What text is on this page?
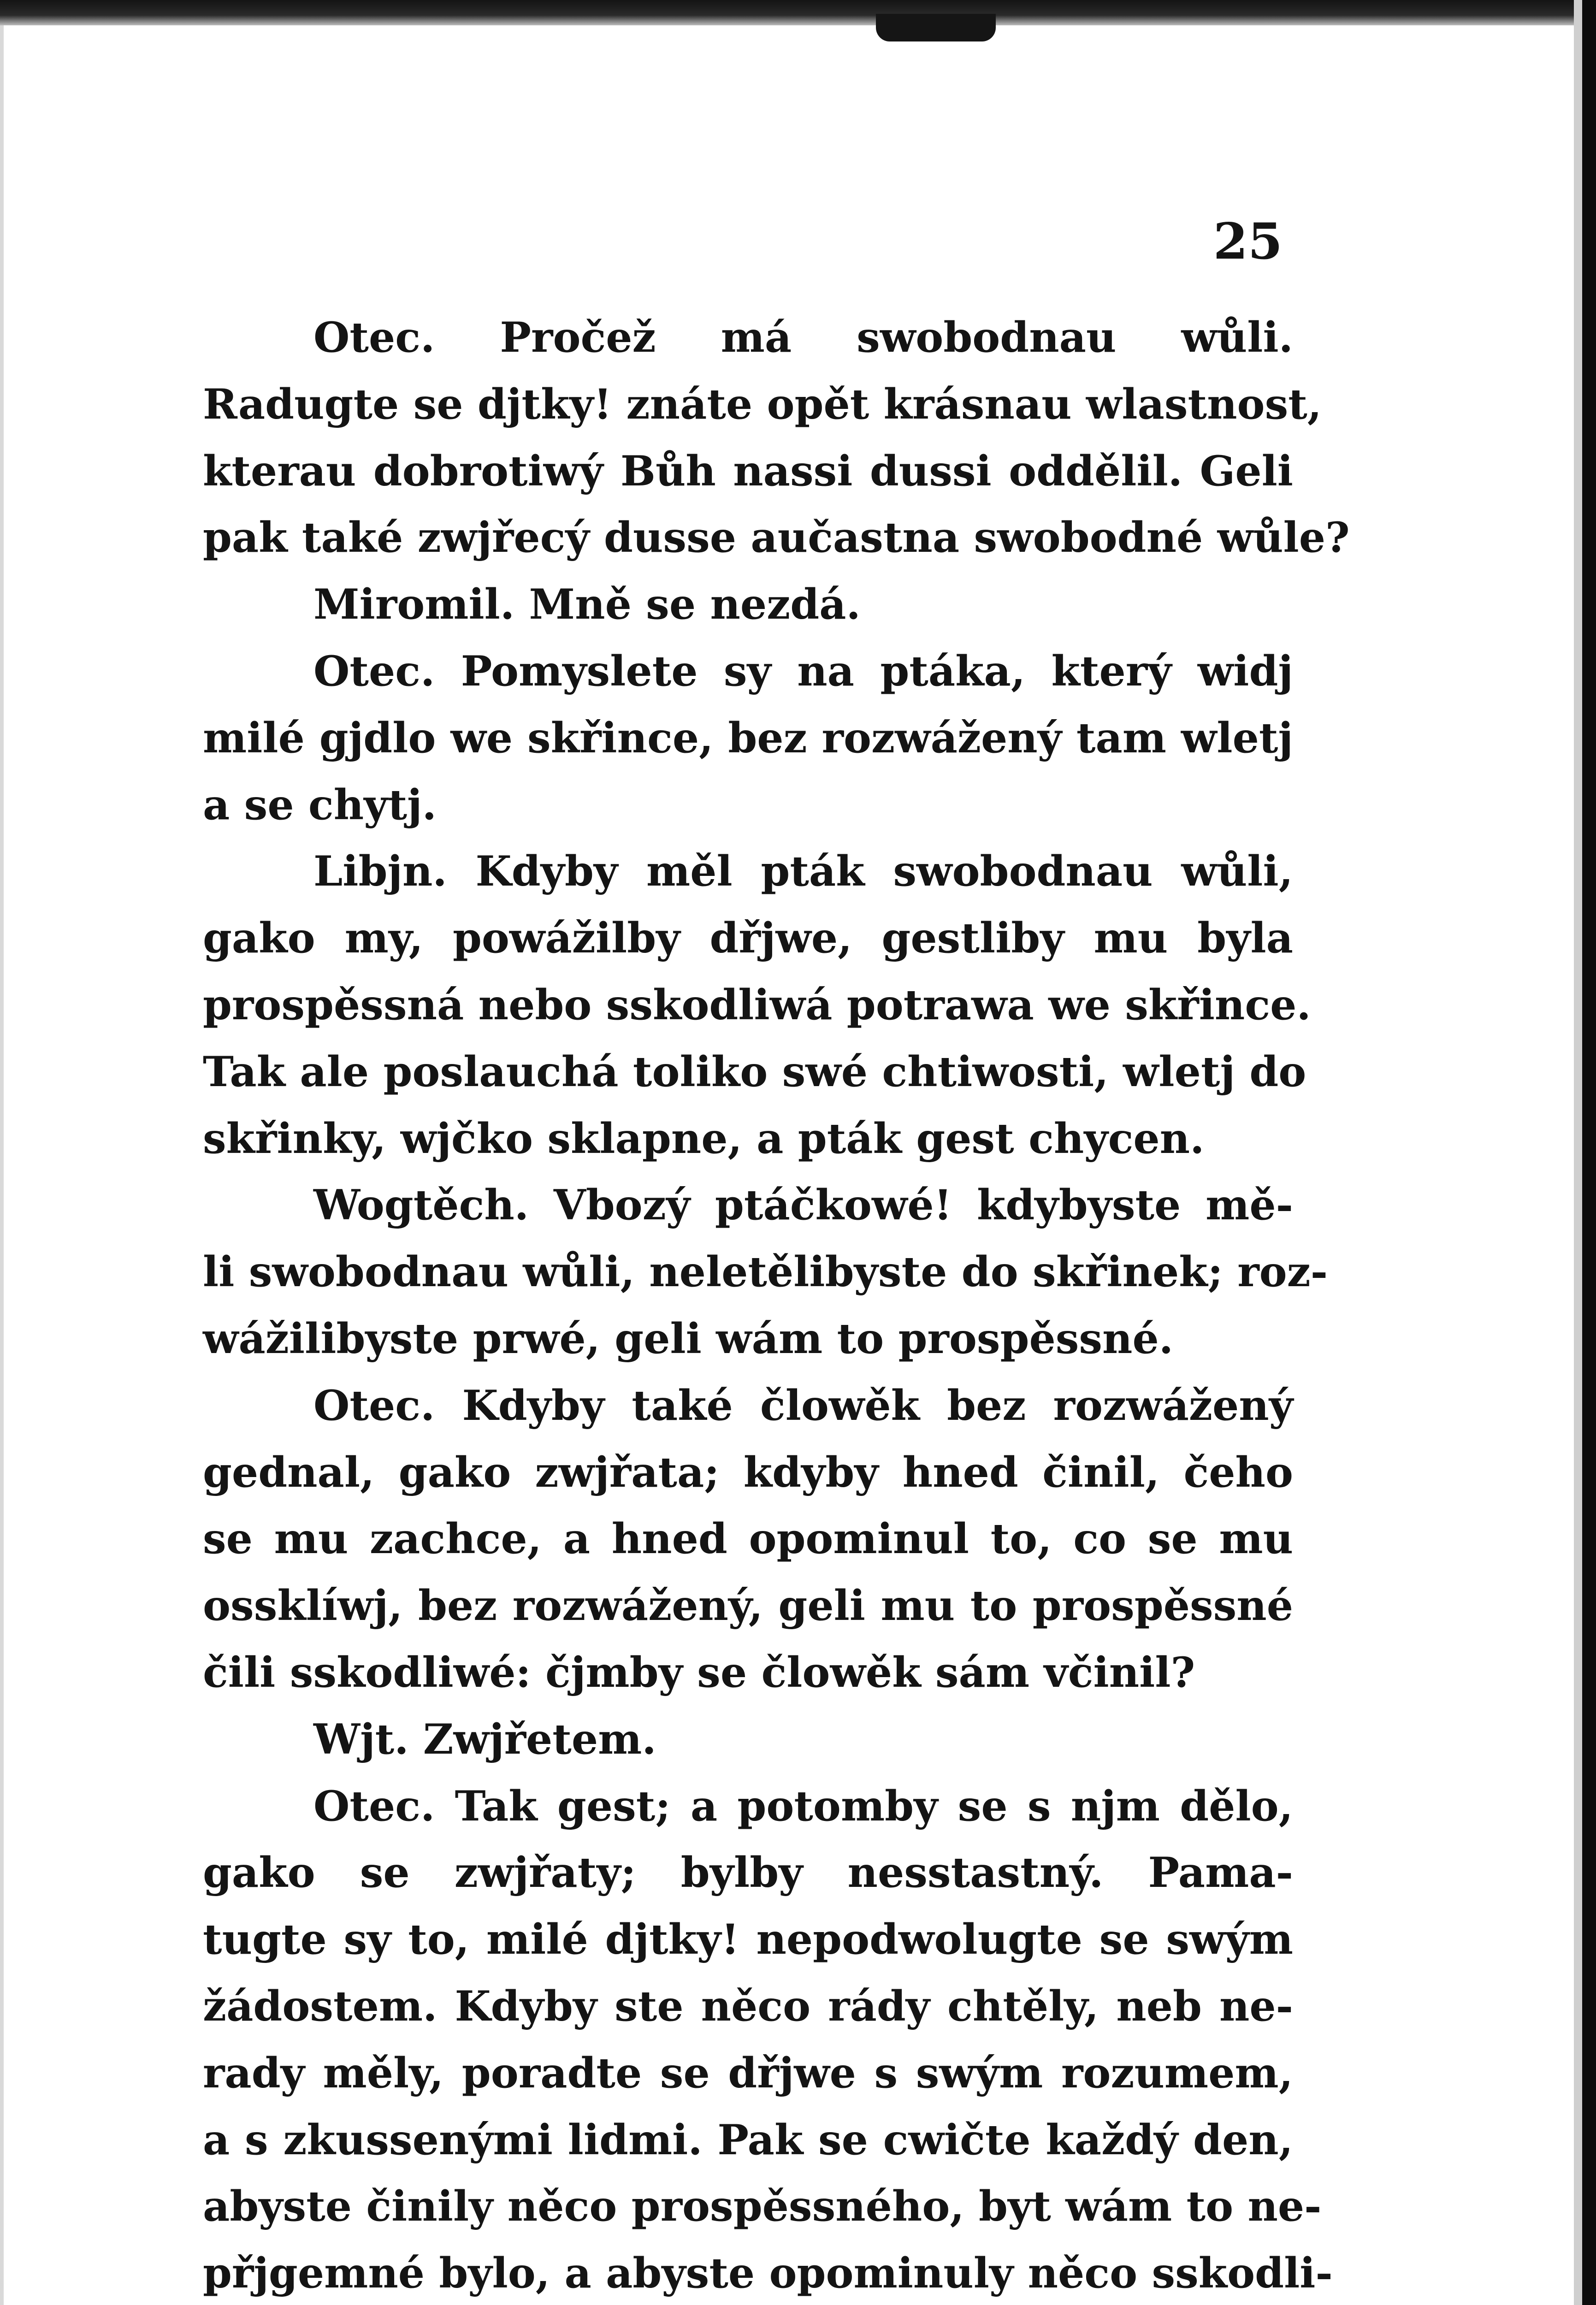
25
Otec. Pročež má swobodnau wůli.
Radugte se djtky! znáte opět krásnau wlastnost,
kterau dobrotiwý Bůh nassi dussi oddělil. Geli
pak také zwjřecý dusse aučastna swobodné wůle?
Miromil. Mně se nezdá.
Otec. Pomyslete sy na ptáka, který widj
milé gjdlo we skřince, bez rozwážený tam wletj
a se chytj.
Libjn. Kdyby měl pták swobodnau wůli,
gako my, powážilby dřjwe, gestliby mu byla
prospěssná nebo sskodliwá potrawa we skřince.
Tak ale poslauchá toliko swé chtiwosti, wletj do
skřinky, wjčko sklapne, a pták gest chycen.
Wogtěch. Vbozý ptáčkowé! kdybyste mě-
li swobodnau wůli, neletělibyste do skřinek; roz-
wážilibyste prwé, geli wám to prospěssné.
Otec. Kdyby také člowěk bez rozwážený
gednal, gako zwjřata; kdyby hned činil, čeho
se mu zachce, a hned opominul to, co se mu
ossklíwj, bez rozwážený, geli mu to prospěssné
čili sskodliwé: čjmby se člowěk sám včinil?
Wjt. Zwjřetem.
Otec. Tak gest; a potomby se s njm dělo,
gako se zwjřaty; bylby nesstastný. Pama-
tugte sy to, milé djtky! nepodwolugte se swým
žádostem. Kdyby ste něco rády chtěly, neb ne-
rady měly, poradte se dřjwe s swým rozumem,
a s zkussenými lidmi. Pak se cwičte každý den,
abyste činily něco prospěssného, byt wám to ne-
přjgemné bylo, a abyste opominuly něco sskodli-
